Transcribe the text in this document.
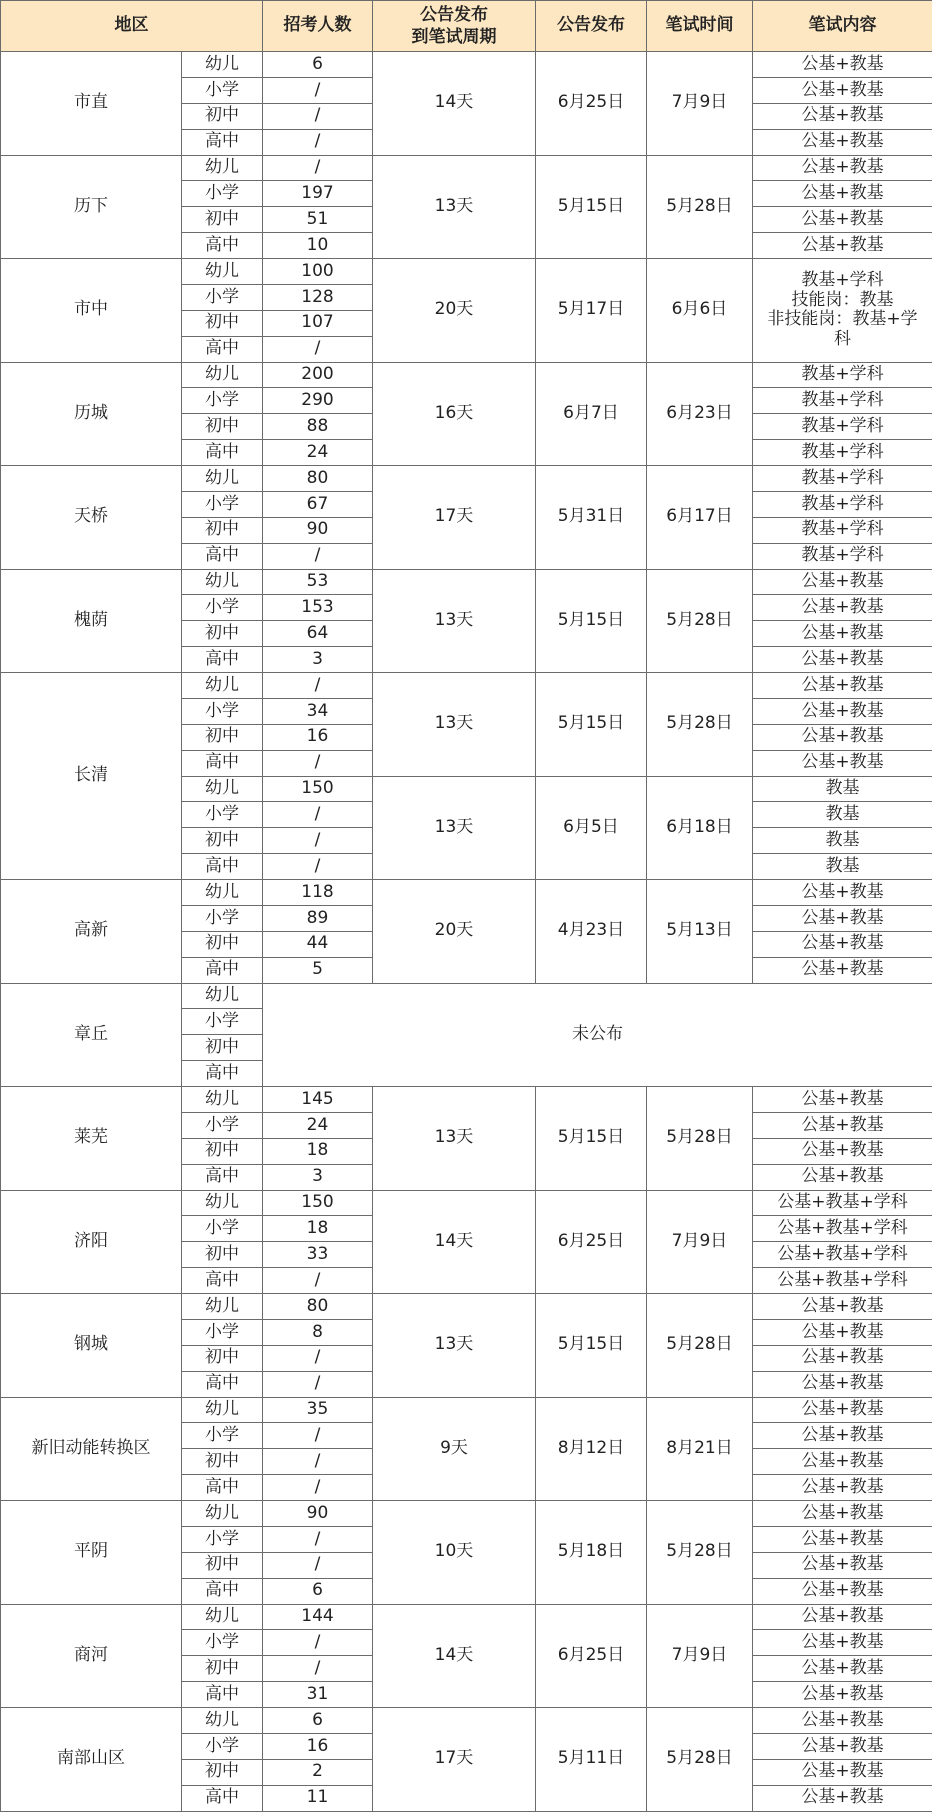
地区		招考人数	公告发布
到笔试周期	公告发布	笔试时间	笔试内容
市直	幼儿	6	14天	6月25日	7月9日	公基+教基
	小学	/				公基+教基
	初中	/				公基+教基
	高中	/				公基+教基
历下	幼儿	/	13天	5月15日	5月28日	公基+教基
	小学	197				公基+教基
	初中	51				公基+教基
	高中	10				公基+教基
市中	幼儿	100	20天	5月17日	6月6日	教基+学科
技能岗：教基
非技能岗：教基+学
科
	小学	128				
	初中	107				
	高中	/				
历城	幼儿	200	16天	6月7日	6月23日	教基+学科
	小学	290				教基+学科
	初中	88				教基+学科
	高中	24				教基+学科
天桥	幼儿	80	17天	5月31日	6月17日	教基+学科
	小学	67				教基+学科
	初中	90				教基+学科
	高中	/				教基+学科
槐荫	幼儿	53	13天	5月15日	5月28日	公基+教基
	小学	153				公基+教基
	初中	64				公基+教基
	高中	3				公基+教基
长清	幼儿	/	13天	5月15日	5月28日	公基+教基
	小学	34				公基+教基
	初中	16				公基+教基
	高中	/				公基+教基
	幼儿	150	13天	6月5日	6月18日	教基
	小学	/				教基
	初中	/				教基
	高中	/				教基
高新	幼儿	118	20天	4月23日	5月13日	公基+教基
	小学	89				公基+教基
	初中	44				公基+教基
	高中	5				公基+教基
章丘	幼儿	未公布				
	小学					
	初中					
	高中					
莱芜	幼儿	145	13天	5月15日	5月28日	公基+教基
	小学	24				公基+教基
	初中	18				公基+教基
	高中	3				公基+教基
济阳	幼儿	150	14天	6月25日	7月9日	公基+教基+学科
	小学	18				公基+教基+学科
	初中	33				公基+教基+学科
	高中	/				公基+教基+学科
钢城	幼儿	80	13天	5月15日	5月28日	公基+教基
	小学	8				公基+教基
	初中	/				公基+教基
	高中	/				公基+教基
新旧动能转换区	幼儿	35	9天	8月12日	8月21日	公基+教基
	小学	/				公基+教基
	初中	/				公基+教基
	高中	/				公基+教基
平阴	幼儿	90	10天	5月18日	5月28日	公基+教基
	小学	/				公基+教基
	初中	/				公基+教基
	高中	6				公基+教基
商河	幼儿	144	14天	6月25日	7月9日	公基+教基
	小学	/				公基+教基
	初中	/				公基+教基
	高中	31				公基+教基
南部山区	幼儿	6	17天	5月11日	5月28日	公基+教基
	小学	16				公基+教基
	初中	2				公基+教基
	高中	11				公基+教基
